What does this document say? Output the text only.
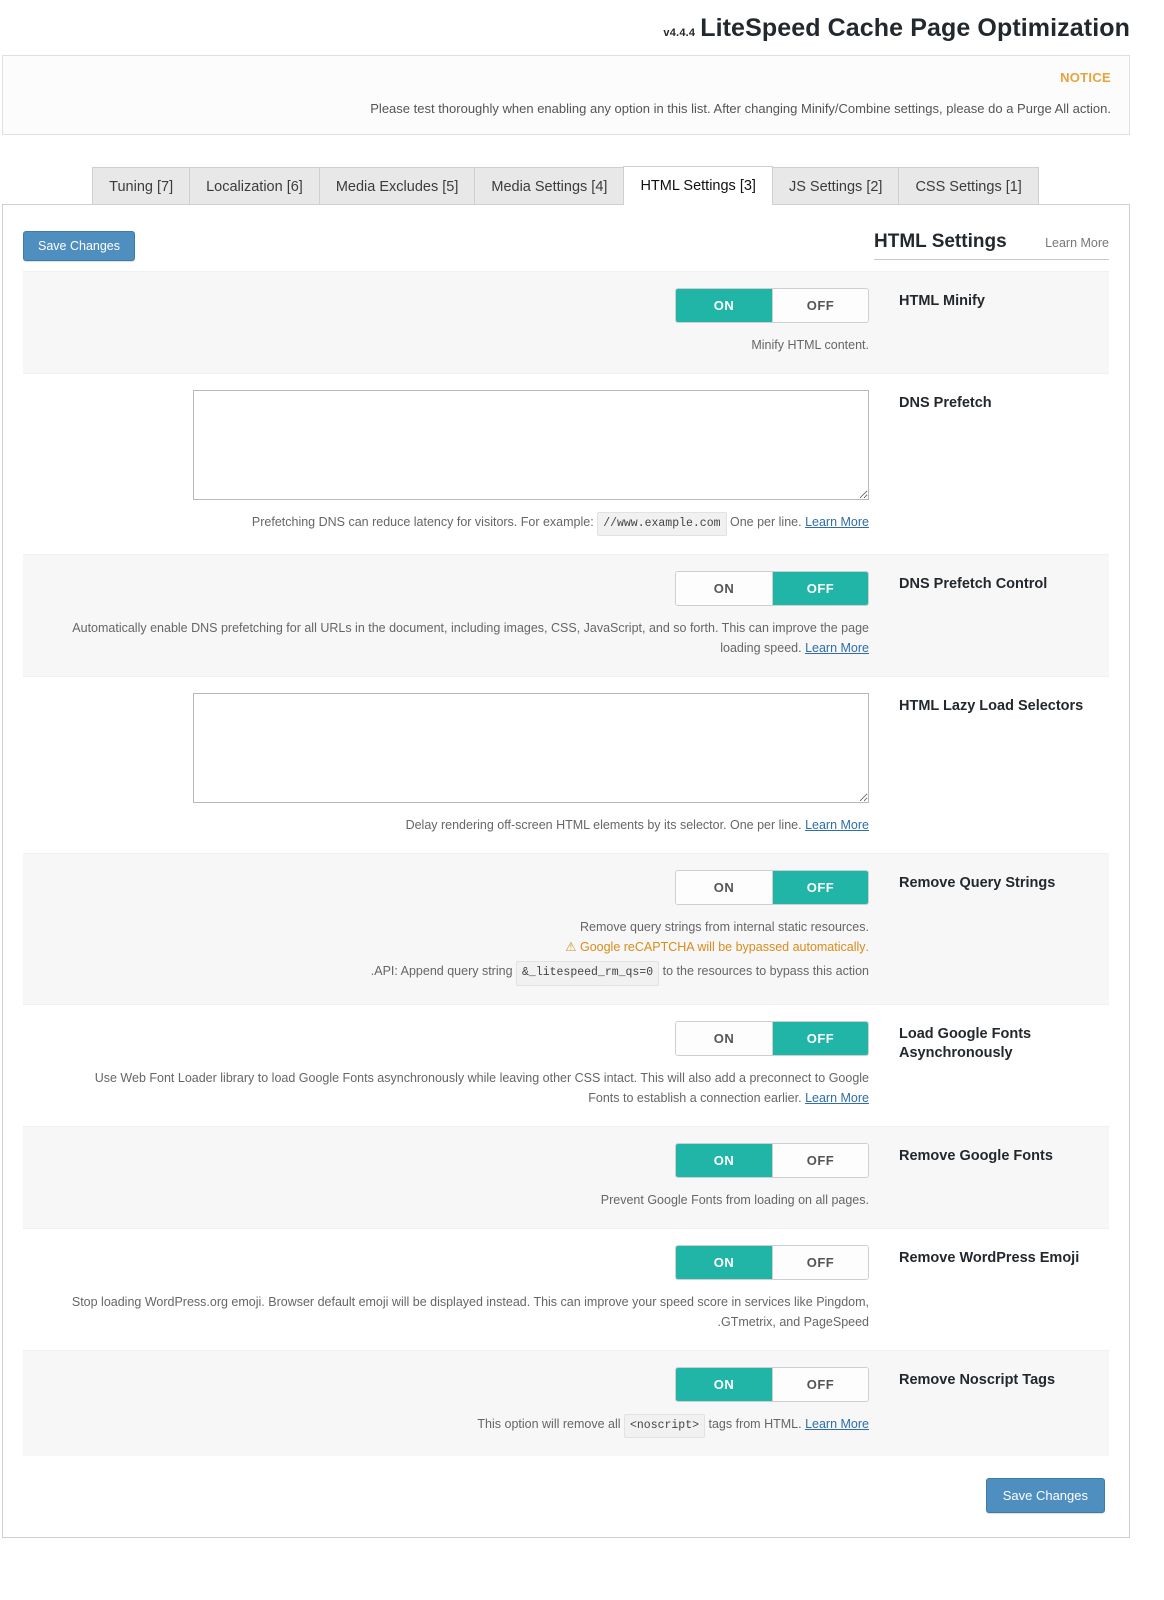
v4.4.4 LiteSpeed Cache Page Optimization
NOTICE
.Please test thoroughly when enabling any option in this list. After changing Minify/Combine settings, please do a Purge All action
Tuning [7]	Localization [6]	Media Excludes [5]	Media Settings [4]	HTML Settings [3]	JS Settings [2]	CSS Settings [1]
Save Changes	HTML Settings	Learn More
ON	OFF
.Minify HTML content
HTML Minify
Prefetching DNS can reduce latency for visitors. For example: //www.example.com One per line. Learn More
DNS Prefetch
ON	OFF
Automatically enable DNS prefetching for all URLs in the document, including images, CSS, JavaScript, and so forth. This can improve the page loading speed. Learn More
DNS Prefetch Control
Delay rendering off-screen HTML elements by its selector. One per line. Learn More
HTML Lazy Load Selectors
ON	OFF
.Remove query strings from internal static resources
.Google reCAPTCHA will be bypassed automatically ⚠
.API: Append query string &_litespeed_rm_qs=0 to the resources to bypass this action
Remove Query Strings
ON	OFF
Use Web Font Loader library to load Google Fonts asynchronously while leaving other CSS intact. This will also add a preconnect to Google Fonts to establish a connection earlier. Learn More
Load Google Fonts Asynchronously
ON	OFF
.Prevent Google Fonts from loading on all pages
Remove Google Fonts
ON	OFF
Stop loading WordPress.org emoji. Browser default emoji will be displayed instead. This can improve your speed score in services like Pingdom, GTmetrix, and PageSpeed.
Remove WordPress Emoji
ON	OFF
This option will remove all <noscript> tags from HTML. Learn More
Remove Noscript Tags
Save Changes
